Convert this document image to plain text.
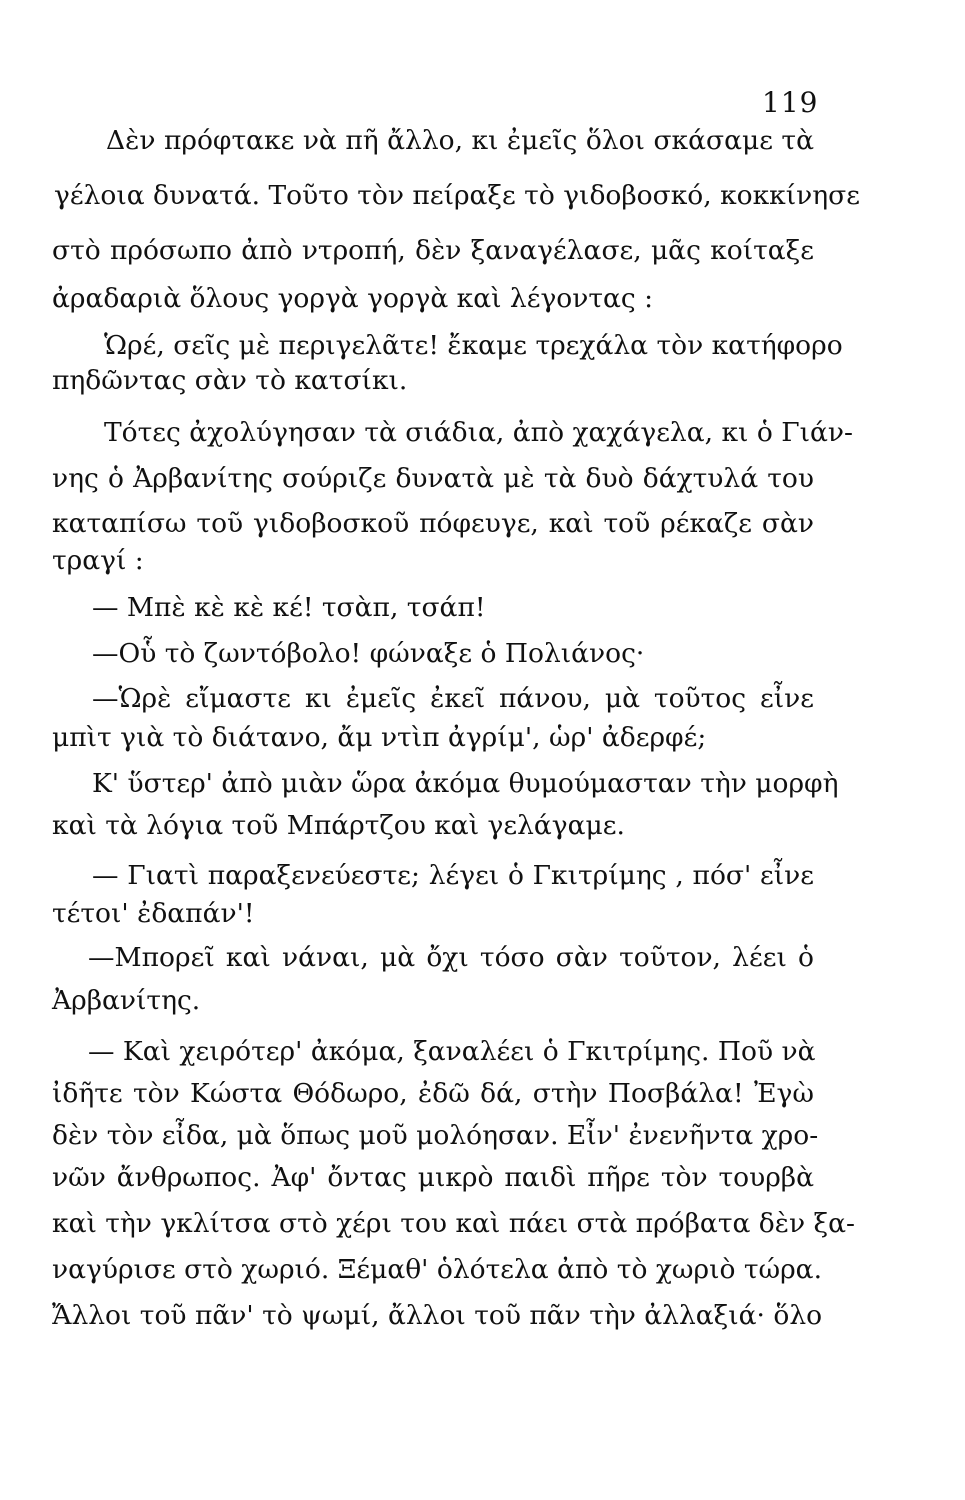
119
Δὲν πρόφτακε νὰ πῆ ἄλλο, κι ἐμεῖς ὅλοι σκάσαμε τὰ
γέλοια δυνατά. Τοῦτο τὸν πείραξε τὸ γιδοβοσκό, κοκκίνησε
στὸ πρόσωπο ἀπὸ ντροπή, δὲν ξαναγέλασε, μᾶς κοίταξε
ἀραδαριὰ ὅλους γοργὰ γοργὰ καὶ λέγοντας :
Ὡρέ, σεῖς μὲ περιγελᾶτε! ἔκαμε τρεχάλα τὸν κατήφορο
πηδῶντας σὰν τὸ κατσίκι.
Τότες ἀχολύγησαν τὰ σιάδια, ἀπὸ χαχάγελα, κι ὁ Γιάν-
νης ὁ Ἀρβανίτης σούριζε δυνατὰ μὲ τὰ δυὸ δάχτυλά του
καταπίσω τοῦ γιδοβοσκοῦ πόφευγε, καὶ τοῦ ρέκαζε σὰν
τραγί :
— Μπὲ κὲ κὲ κέ! τσὰπ, τσάπ!
—Οὗ τὸ ζωντόβολο! φώναξε ὁ Πολιάνος·
—Ὡρὲ εἴμαστε κι ἐμεῖς ἐκεῖ πάνου, μὰ τοῦτος εἶνε
μπὶτ γιὰ τὸ διάτανο, ἄμ ντὶπ ἀγρίμ', ὡρ' ἀδερφέ;
Κ' ὕστερ' ἀπὸ μιὰν ὥρα ἀκόμα θυμούμασταν τὴν μορφὴ
καὶ τὰ λόγια τοῦ Μπάρτζου καὶ γελάγαμε.
— Γιατὶ παραξενεύεστε; λέγει ὁ Γκιτρίμης , πόσ' εἶνε
τέτοι' ἐδαπάν'!
—Μπορεῖ καὶ νάναι, μὰ ὄχι τόσο σὰν τοῦτον, λέει ὁ
Ἀρβανίτης.
— Καὶ χειρότερ' ἀκόμα, ξαναλέει ὁ Γκιτρίμης. Ποῦ νὰ
ἰδῆτε τὸν Κώστα Θόδωρο, ἐδῶ δά, στὴν Ποσβάλα! Ἐγὼ
δὲν τὸν εἶδα, μὰ ὅπως μοῦ μολόησαν. Εἶν' ἐνενῆντα χρο-
νῶν ἄνθρωπος. Ἀφ' ὄντας μικρὸ παιδὶ πῆρε τὸν τουρβὰ
καὶ τὴν γκλίτσα στὸ χέρι του καὶ πάει στὰ πρόβατα δὲν ξα-
ναγύρισε στὸ χωριό. Ξέμαθ' ὁλότελα ἀπὸ τὸ χωριὸ τώρα.
Ἄλλοι τοῦ πᾶν' τὸ ψωμί, ἄλλοι τοῦ πᾶν τὴν ἀλλαξιά· ὅλο
